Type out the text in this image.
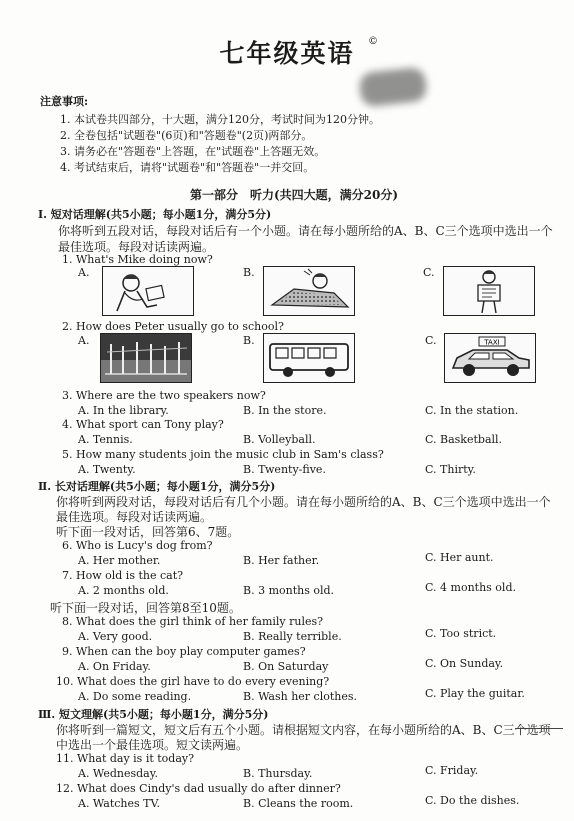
七年级英语	©
注意事项:
1. 本试卷共四部分，十大题，满分120分，考试时间为120分钟。
2. 全卷包括"试题卷"(6页)和"答题卷"(2页)两部分。
3. 请务必在"答题卷"上答题，在"试题卷"上答题无效。
4. 考试结束后，请将"试题卷"和"答题卷"一并交回。
第一部分　听力(共四大题，满分20分)
Ⅰ. 短对话理解(共5小题；每小题1分，满分5分)
你将听到五段对话，每段对话后有一个小题。请在每小题所给的A、B、C三个选项中选出一个
最佳选项。每段对话读两遍。
1. What's Mike doing now?
A.	B.	C.
2. How does Peter usually go to school?
A.	B.	C.	TAXI
3. Where are the two speakers now?
A. In the library.	B. In the store.	C. In the station.
4. What sport can Tony play?
A. Tennis.	B. Volleyball.	C. Basketball.
5. How many students join the music club in Sam's class?
A. Twenty.	B. Twenty-five.	C. Thirty.
Ⅱ. 长对话理解(共5小题；每小题1分，满分5分)
你将听到两段对话，每段对话后有几个小题。请在每小题所给的A、B、C三个选项中选出一个
最佳选项。每段对话读两遍。
听下面一段对话，回答第6、7题。
6. Who is Lucy's dog from?
A. Her mother.	B. Her father.	C. Her aunt.
7. How old is the cat?
A. 2 months old.	B. 3 months old.	C. 4 months old.
听下面一段对话，回答第8至10题。
8. What does the girl think of her family rules?
A. Very good.	B. Really terrible.	C. Too strict.
9. When can the boy play computer games?
A. On Friday.	B. On Saturday	C. On Sunday.
10. What does the girl have to do every evening?
A. Do some reading.	B. Wash her clothes.	C. Play the guitar.
Ⅲ. 短文理解(共5小题；每小题1分，满分5分)
你将听到一篇短文，短文后有五个小题。请根据短文内容，在每小题所给的A、B、C三个选项
中选出一个最佳选项。短文读两遍。
11. What day is it today?
A. Wednesday.	B. Thursday.	C. Friday.
12. What does Cindy's dad usually do after dinner?
A. Watches TV.	B. Cleans the room.	C. Do the dishes.
